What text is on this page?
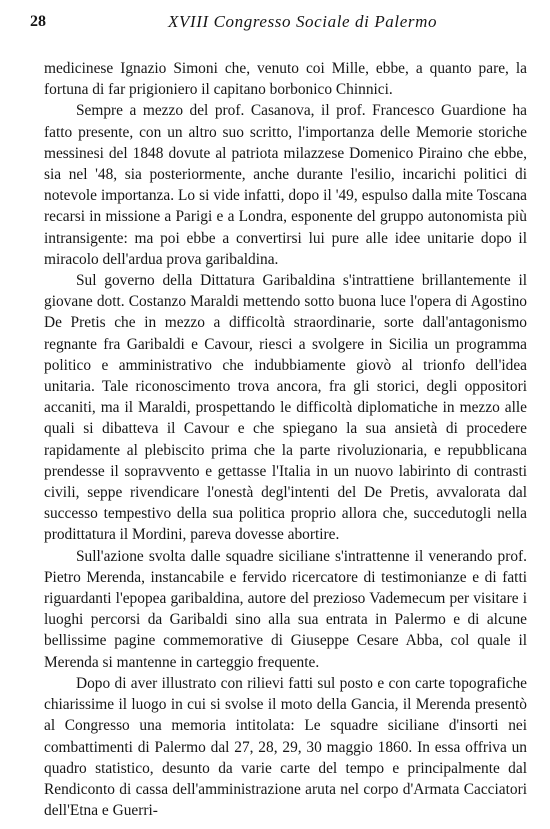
28	XVIII Congresso Sociale di Palermo

medicinese Ignazio Simoni che, venuto coi Mille, ebbe, a quanto pare, la fortuna di far prigioniero il capitano borbonico Chinnici.

Sempre a mezzo del prof. Casanova, il prof. Francesco Guardione ha fatto presente, con un altro suo scritto, l'importanza delle Memorie storiche messinesi del 1848 dovute al patriota milazzese Domenico Piraino che ebbe, sia nel '48, sia posteriormente, anche durante l'esilio, incarichi politici di notevole importanza. Lo si vide infatti, dopo il '49, espulso dalla mite Toscana recarsi in missione a Parigi e a Londra, esponente del gruppo autonomista più intransigente: ma poi ebbe a convertirsi lui pure alle idee unitarie dopo il miracolo dell'ardua prova garibaldina.

Sul governo della Dittatura Garibaldina s'intrattiene brillantemente il giovane dott. Costanzo Maraldi mettendo sotto buona luce l'opera di Agostino De Pretis che in mezzo a difficoltà straordinarie, sorte dall'antagonismo regnante fra Garibaldi e Cavour, riesci a svolgere in Sicilia un programma politico e amministrativo che indubbiamente giovò al trionfo dell'idea unitaria. Tale riconoscimento trova ancora, fra gli storici, degli oppositori accaniti, ma il Maraldi, prospettando le difficoltà diplomatiche in mezzo alle quali si dibatteva il Cavour e che spiegano la sua ansietà di procedere rapidamente al plebiscito prima che la parte rivoluzionaria, e repubblicana prendesse il sopravvento e gettasse l'Italia in un nuovo labirinto di contrasti civili, seppe rivendicare l'onestà degl'intenti del De Pretis, avvalorata dal successo tempestivo della sua politica proprio allora che, succedutogli nella prodittatura il Mordini, pareva dovesse abortire.

Sull'azione svolta dalle squadre siciliane s'intrattenne il venerando prof. Pietro Merenda, instancabile e fervido ricercatore di testimonianze e di fatti riguardanti l'epopea garibaldina, autore del prezioso Vademecum per visitare i luoghi percorsi da Garibaldi sino alla sua entrata in Palermo e di alcune bellissime pagine commemorative di Giuseppe Cesare Abba, col quale il Merenda si mantenne in carteggio frequente.

Dopo di aver illustrato con rilievi fatti sul posto e con carte topografiche chiarissime il luogo in cui si svolse il moto della Gancia, il Merenda presentò al Congresso una memoria intitolata: Le squadre siciliane d'insorti nei combattimenti di Palermo dal 27, 28, 29, 30 maggio 1860. In essa offriva un quadro statistico, desunto da varie carte del tempo e principalmente dal Rendiconto di cassa dell'amministrazione aruta nel corpo d'Armata Cacciatori dell'Etna e Guerri-
